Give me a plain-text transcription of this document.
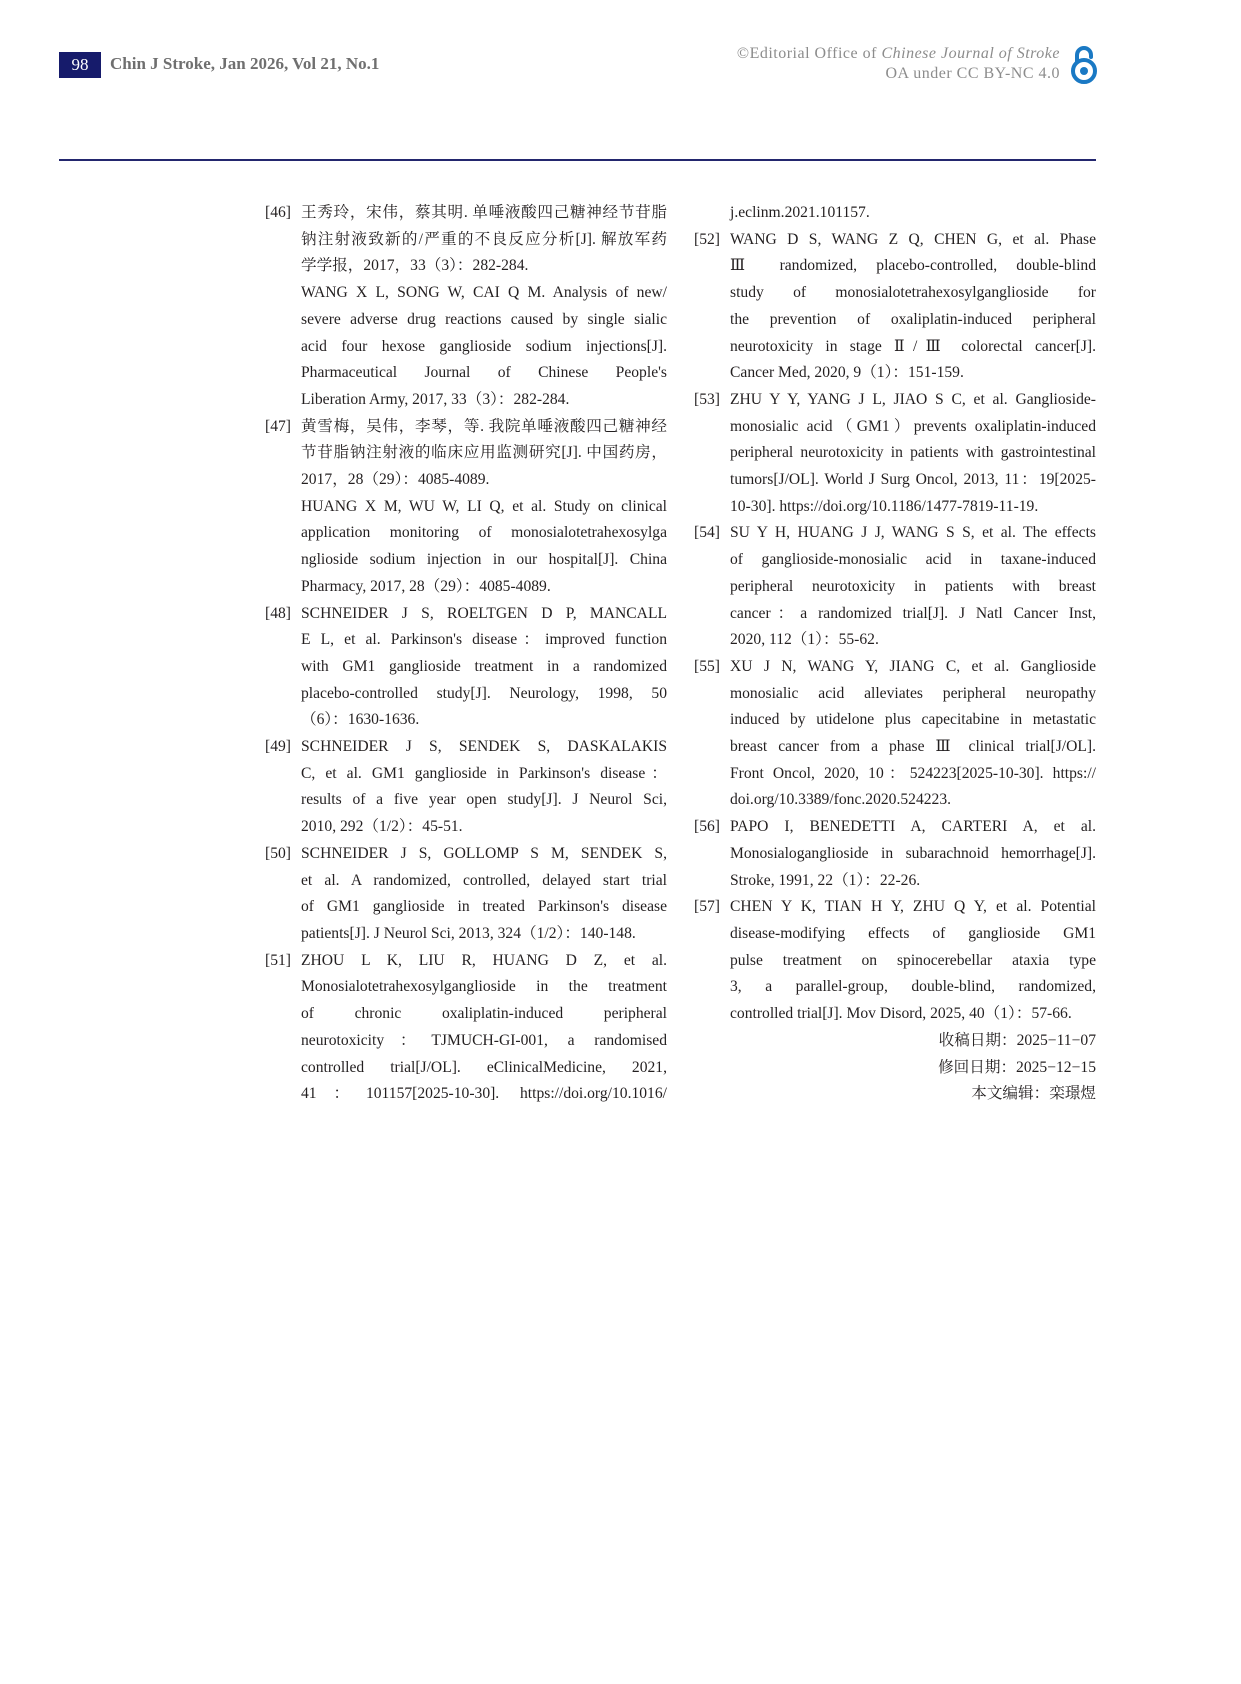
98	Chin J Stroke, Jan 2026, Vol 21, No.1
©Editorial Office of Chinese Journal of Stroke
OA under CC BY-NC 4.0
[46] 王秀玲，宋伟，蔡其明. 单唾液酸四己糖神经节苷脂
钠注射液致新的/严重的不良反应分析[J]. 解放军药
学学报，2017，33（3）：282-284.
WANG X L, SONG W, CAI Q M. Analysis of new/
severe adverse drug reactions caused by single sialic
acid four hexose ganglioside sodium injections[J].
Pharmaceutical Journal of Chinese People's
Liberation Army, 2017, 33（3）：282-284.
[47] 黄雪梅，吴伟，李琴，等. 我院单唾液酸四己糖神经
节苷脂钠注射液的临床应用监测研究[J]. 中国药房，
2017，28（29）：4085-4089.
HUANG X M, WU W, LI Q, et al. Study on clinical
application monitoring of monosialotetrahexosylga
nglioside sodium injection in our hospital[J]. China
Pharmacy, 2017, 28（29）：4085-4089.
[48] SCHNEIDER J S, ROELTGEN D P, MANCALL
E L, et al. Parkinson's disease：improved function
with GM1 ganglioside treatment in a randomized
placebo-controlled study[J]. Neurology, 1998, 50
（6）：1630-1636.
[49] SCHNEIDER J S, SENDEK S, DASKALAKIS
C, et al. GM1 ganglioside in Parkinson's disease：
results of a five year open study[J]. J Neurol Sci,
2010, 292（1/2）：45-51.
[50] SCHNEIDER J S, GOLLOMP S M, SENDEK S,
et al. A randomized, controlled, delayed start trial
of GM1 ganglioside in treated Parkinson's disease
patients[J]. J Neurol Sci, 2013, 324（1/2）：140-148.
[51] ZHOU L K, LIU R, HUANG D Z, et al.
Monosialotetrahexosylganglioside in the treatment
of chronic oxaliplatin-induced peripheral
neurotoxicity：TJMUCH-GI-001, a randomised
controlled trial[J/OL]. eClinicalMedicine, 2021,
41：101157[2025-10-30]. https://doi.org/10.1016/
j.eclinm.2021.101157.
[52] WANG D S, WANG Z Q, CHEN G, et al. Phase
Ⅲ randomized, placebo-controlled, double-blind
study of monosialotetrahexosylganglioside for
the prevention of oxaliplatin-induced peripheral
neurotoxicity in stage Ⅱ/Ⅲ colorectal cancer[J].
Cancer Med, 2020, 9（1）：151-159.
[53] ZHU Y Y, YANG J L, JIAO S C, et al. Ganglioside-
monosialic acid（GM1）prevents oxaliplatin-induced
peripheral neurotoxicity in patients with gastrointestinal
tumors[J/OL]. World J Surg Oncol, 2013, 11：19[2025-
10-30]. https://doi.org/10.1186/1477-7819-11-19.
[54] SU Y H, HUANG J J, WANG S S, et al. The effects
of ganglioside-monosialic acid in taxane-induced
peripheral neurotoxicity in patients with breast
cancer：a randomized trial[J]. J Natl Cancer Inst,
2020, 112（1）：55-62.
[55] XU J N, WANG Y, JIANG C, et al. Ganglioside
monosialic acid alleviates peripheral neuropathy
induced by utidelone plus capecitabine in metastatic
breast cancer from a phase Ⅲ clinical trial[J/OL].
Front Oncol, 2020, 10：524223[2025-10-30]. https://
doi.org/10.3389/fonc.2020.524223.
[56] PAPO I, BENEDETTI A, CARTERI A, et al.
Monosialoganglioside in subarachnoid hemorrhage[J].
Stroke, 1991, 22（1）：22-26.
[57] CHEN Y K, TIAN H Y, ZHU Q Y, et al. Potential
disease-modifying effects of ganglioside GM1
pulse treatment on spinocerebellar ataxia type
3, a parallel-group, double-blind, randomized,
controlled trial[J]. Mov Disord, 2025, 40（1）：57-66.
收稿日期：2025−11−07
修回日期：2025−12−15
本文编辑：栾璟煜
